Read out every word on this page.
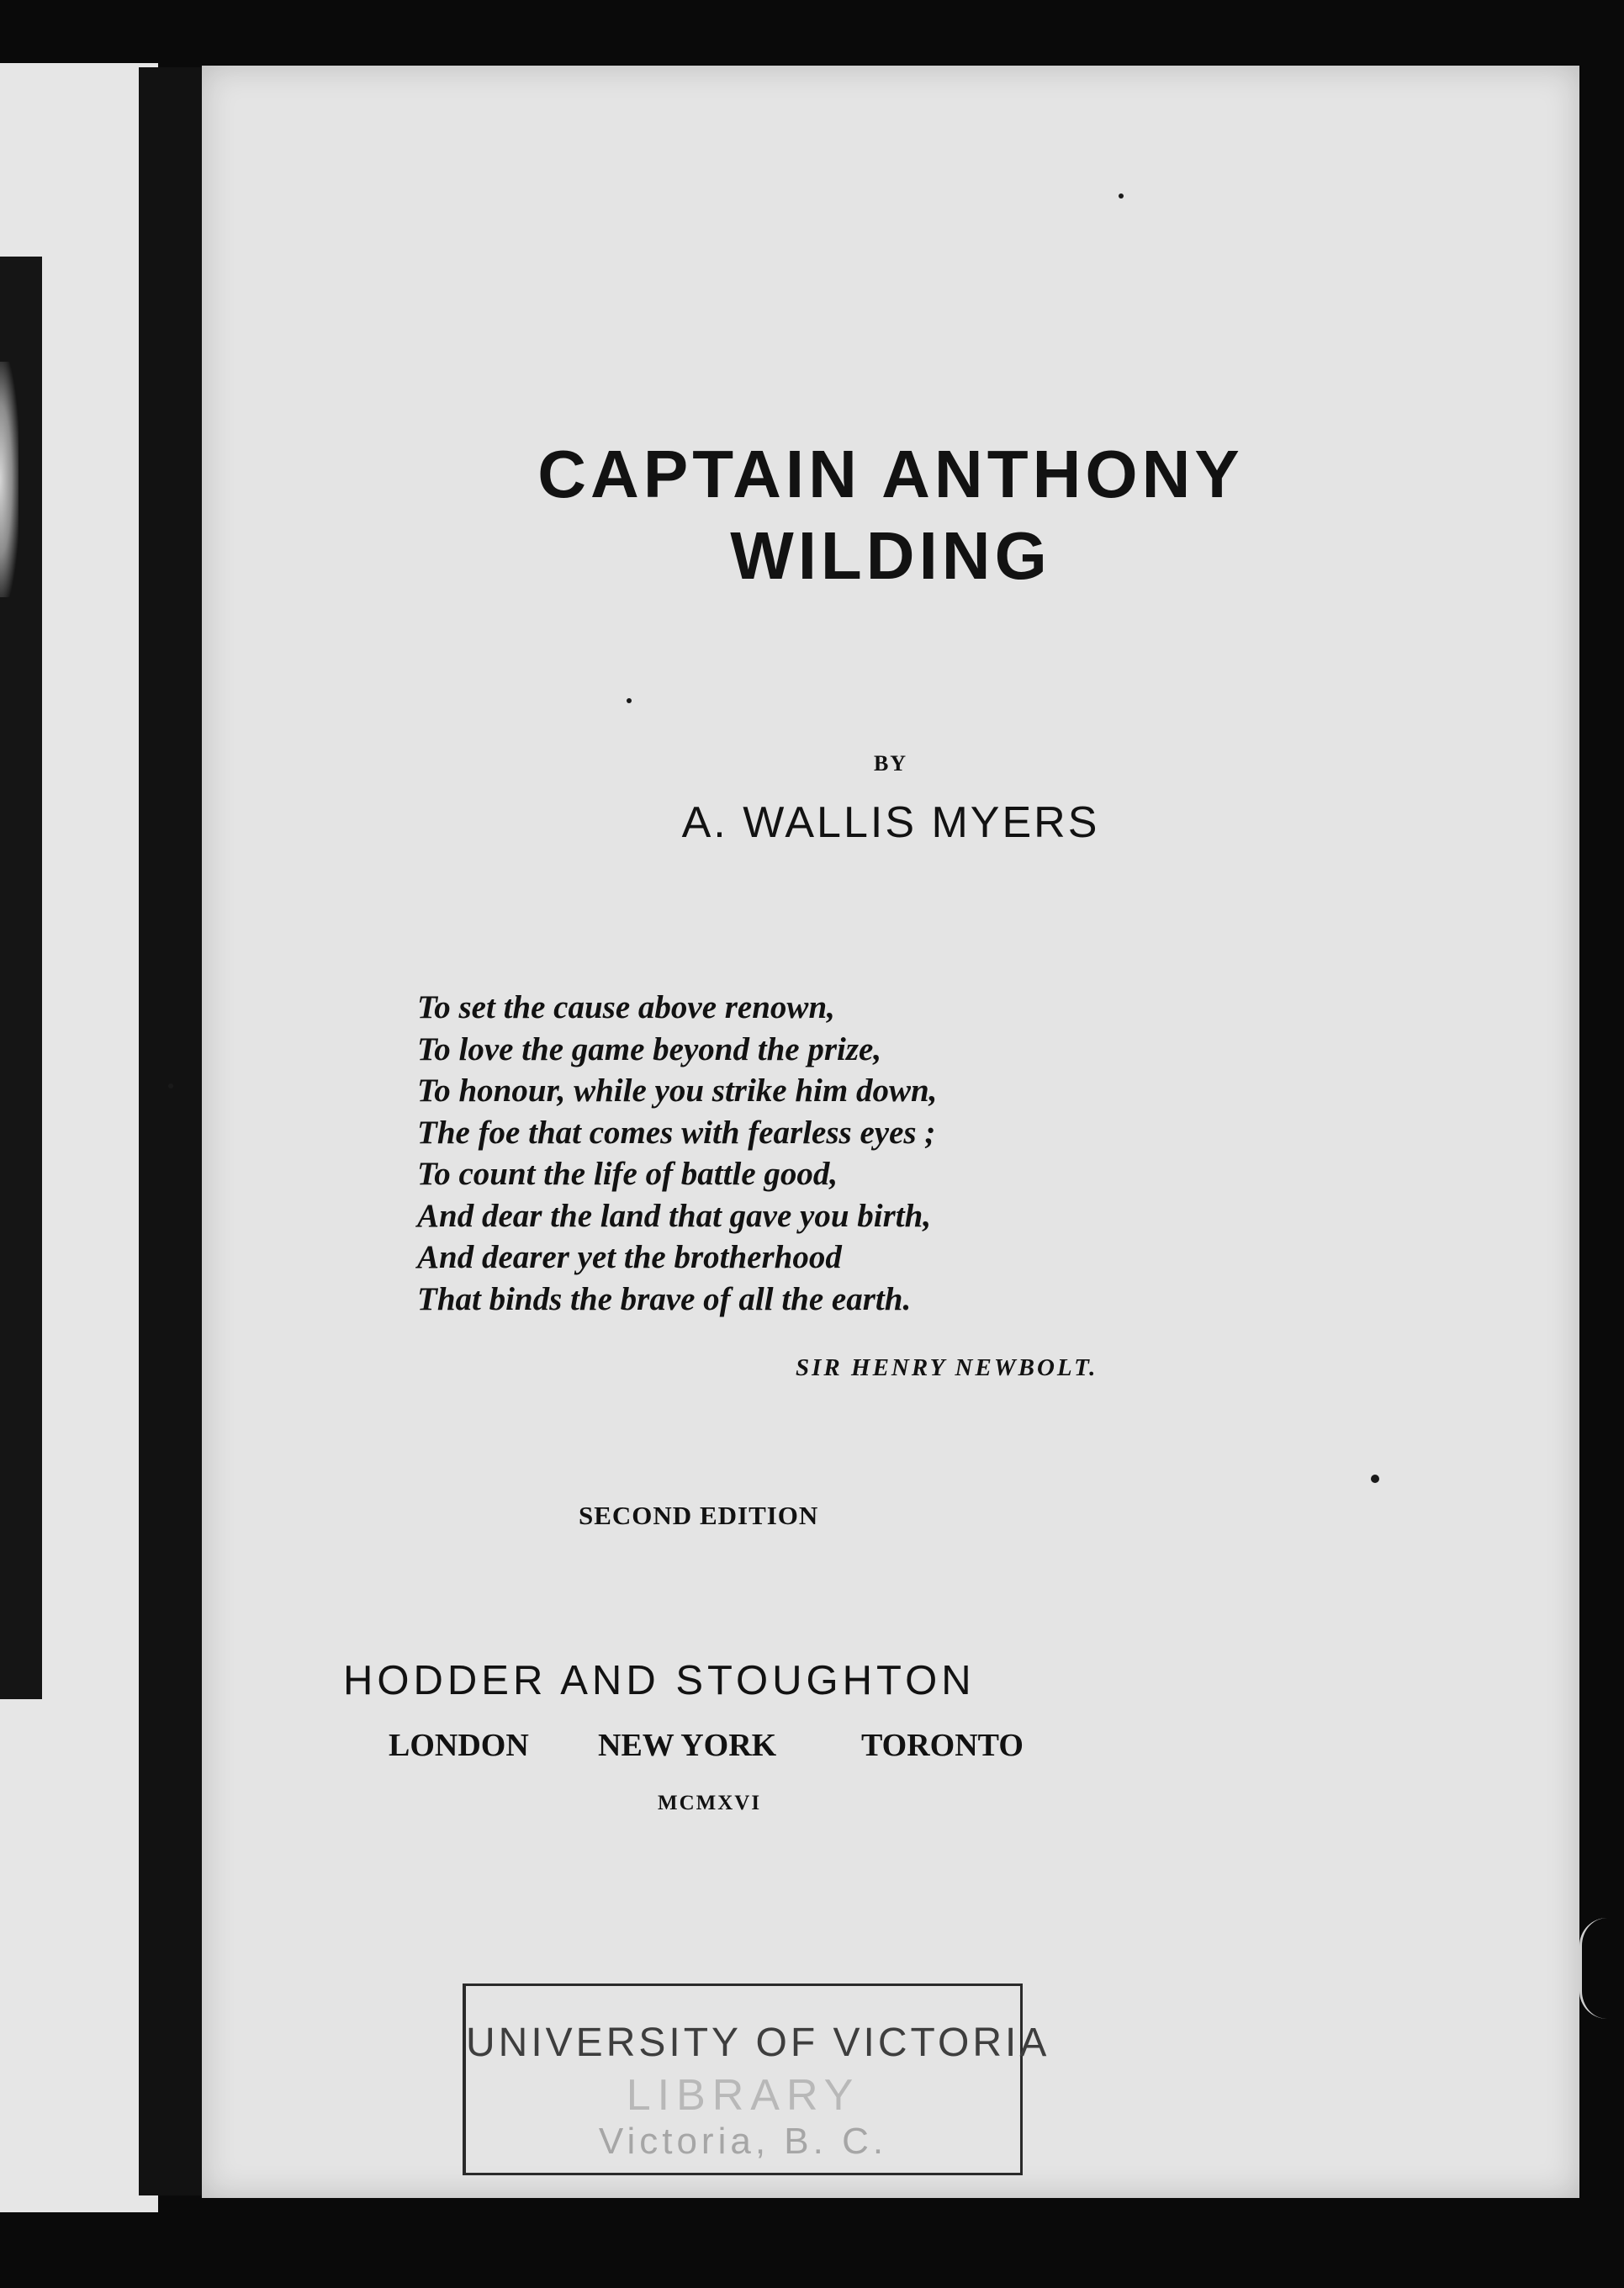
CAPTAIN ANTHONY
WILDING

BY

A. WALLIS MYERS

To set the cause above renown,
To love the game beyond the prize,
To honour, while you strike him down,
The foe that comes with fearless eyes ;
To count the life of battle good,
And dear the land that gave you birth,
And dearer yet the brotherhood
That binds the brave of all the earth.

SIR HENRY NEWBOLT.

SECOND EDITION

HODDER AND STOUGHTON

LONDON NEW YORK	TORONTO

MCMXVI

UNIVERSITY OF VICTORIA
LIBRARY
Victoria, B. C.
